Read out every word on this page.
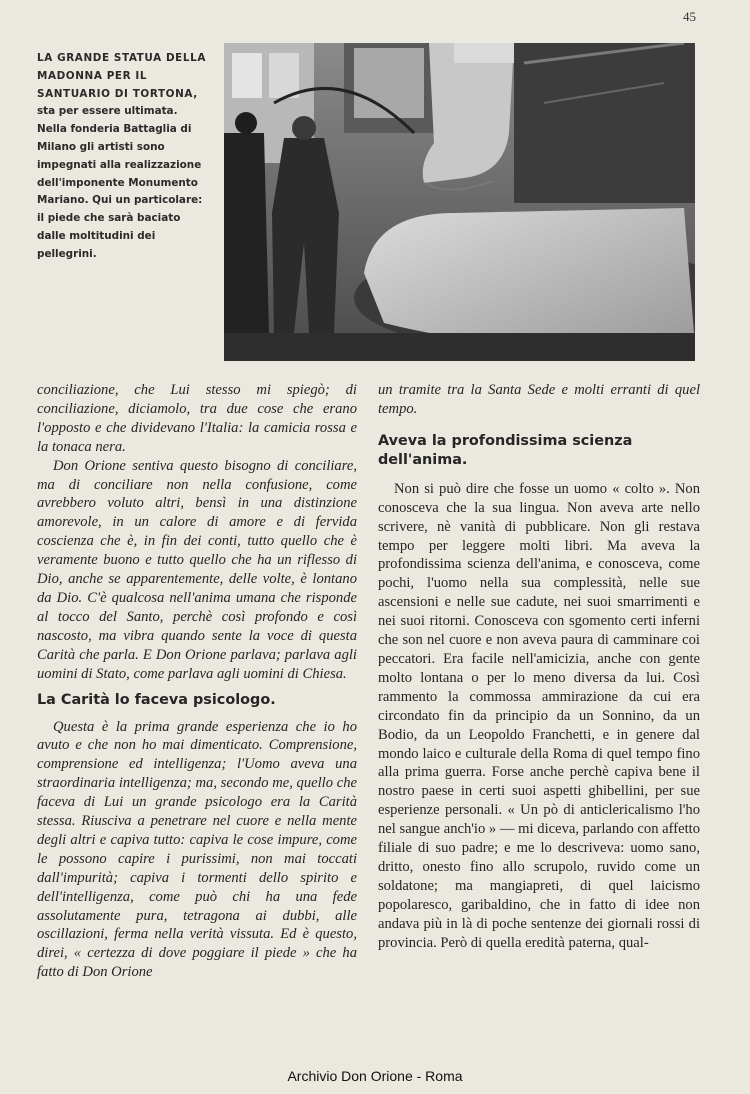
45
LA GRANDE STATUA DELLA MADONNA PER IL SANTUARIO DI TORTONA, sta per essere ultimata. Nella fonderia Battaglia di Milano gli artisti sono impegnati alla realizzazione dell'imponente Monumento Mariano. Qui un particolare: il piede che sarà baciato dalle moltitudini dei pellegrini.

conciliazione, che Lui stesso mi spiegò; di conciliazione, diciamolo, tra due cose che erano l'opposto e che dividevano l'Italia: la camicia rossa e la tonaca nera.

Don Orione sentiva questo bisogno di conciliare, ma di conciliare non nella confusione, come avrebbero voluto altri, bensì in una distinzione amorevole, in un calore di amore e di fervida coscienza che è, in fin dei conti, tutto quello che è veramente buono e tutto quello che ha un riflesso di Dio, anche se apparentemente, delle volte, è lontano da Dio. C'è qualcosa nell'anima umana che risponde al tocco del Santo, perchè così profondo e così nascosto, ma vibra quando sente la voce di questa Carità che parla. E Don Orione parlava; parlava agli uomini di Stato, come parlava agli uomini di Chiesa.

La Carità lo faceva psicologo.

Questa è la prima grande esperienza che io ho avuto e che non ho mai dimenticato. Comprensione, comprensione ed intelligenza; l'Uomo aveva una straordinaria intelligenza; ma, secondo me, quello che faceva di Lui un grande psicologo era la Carità stessa. Riusciva a penetrare nel cuore e nella mente degli altri e capiva tutto: capiva le cose impure, come le possono capire i purissimi, non mai toccati dall'impurità; capiva i tormenti dello spirito e dell'intelligenza, come può chi ha una fede assolutamente pura, tetragona ai dubbi, alle oscillazioni, ferma nella verità vissuta. Ed è questo, direi, « certezza di dove poggiare il piede » che ha fatto di Don Orione

un tramite tra la Santa Sede e molti erranti di quel tempo.

Aveva la profondissima scienza dell'anima.

Non si può dire che fosse un uomo « colto ». Non conosceva che la sua lingua. Non aveva arte nello scrivere, nè vanità di pubblicare. Non gli restava tempo per leggere molti libri. Ma aveva la profondissima scienza dell'anima, e conosceva, come pochi, l'uomo nella sua complessità, nelle sue ascensioni e nelle sue cadute, nei suoi smarrimenti e nei suoi ritorni. Conosceva con sgomento certi inferni che son nel cuore e non aveva paura di camminare coi peccatori. Era facile nell'amicizia, anche con gente molto lontana o per lo meno diversa da lui. Così rammento la commossa ammirazione da cui era circondato fin da principio da un Sonnino, da un Bodio, da un Leopoldo Franchetti, e in genere dal mondo laico e culturale della Roma di quel tempo fino alla prima guerra. Forse anche perchè capiva bene il nostro paese in certi suoi aspetti ghibellini, per sue esperienze personali. « Un pò di anticlericalismo l'ho nel sangue anch'io » — mi diceva, parlando con affetto filiale di suo padre; e me lo descriveva: uomo sano, dritto, onesto fino allo scrupolo, ruvido come un soldatone; ma mangiapreti, di quel laicismo popolaresco, garibaldino, che in fatto di idee non andava più in là di poche sentenze dei giornali rossi di provincia. Però di quella eredità paterna, qual-

Archivio Don Orione - Roma
